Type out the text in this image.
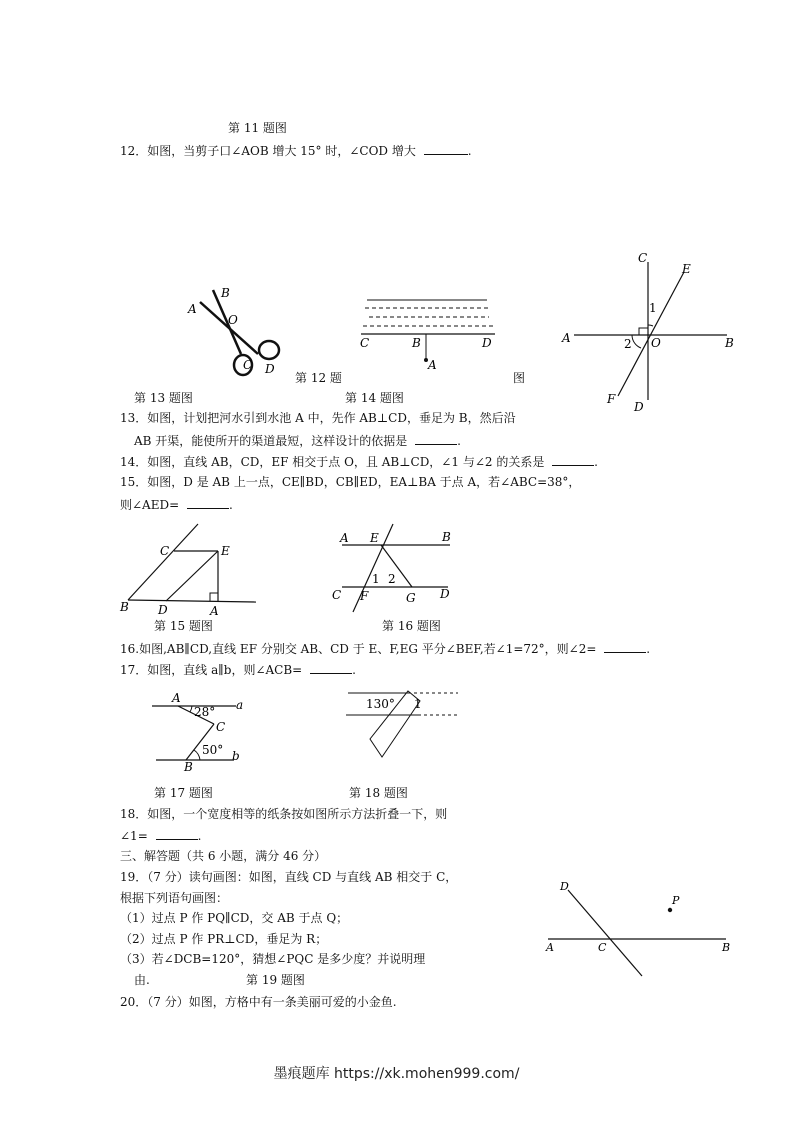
第 11 题图
12．如图，当剪子口∠AOB 增大 15° 时，∠COD 增大	.
第 12 题
第 14 题图
图
第 13 题图
13．如图，计划把河水引到水池 A 中，先作 AB⊥CD，垂足为 B，然后沿
AB 开渠，能使所开的渠道最短，这样设计的依据是	.
14．如图，直线 AB，CD，EF 相交于点 O，且 AB⊥CD，∠1 与∠2 的关系是	.
15．如图，D 是 AB 上一点，CE∥BD，CB∥ED，EA⊥BA 于点 A，若∠ABC=38°，
则∠AED=	.
第 15 题图	第 16 题图
16.如图,AB∥CD,直线 EF 分别交 AB、CD 于 E、F,EG 平分∠BEF,若∠1=72°，则∠2=	.
17．如图，直线 a∥b，则∠ACB=	.
第 17 题图	第 18 题图
18．如图，一个宽度相等的纸条按如图所示方法折叠一下，则
∠1=	.
三、解答题（共 6 小题，满分 46 分）
19．（7 分）读句画图：如图，直线 CD 与直线 AB 相交于 C，
根据下列语句画图：
（1）过点 P 作 PQ∥CD，交 AB 于点 Q；
（2）过点 P 作 PR⊥CD，垂足为 R；
（3）若∠DCB=120°，猜想∠PQC 是多少度？并说明理
由.	第 19 题图
20．（7 分）如图，方格中有一条美丽可爱的小金鱼.
墨痕题库 https://xk.mohen999.com/
A
B
O
C D
C	B	D
A
C
E
1
A	2 O	B
F
D
C	E
B D	A
A E	B
1 2
C F	G D
A	a
28°
C
50°
B
b
130° 1
D
P
A	C	B
